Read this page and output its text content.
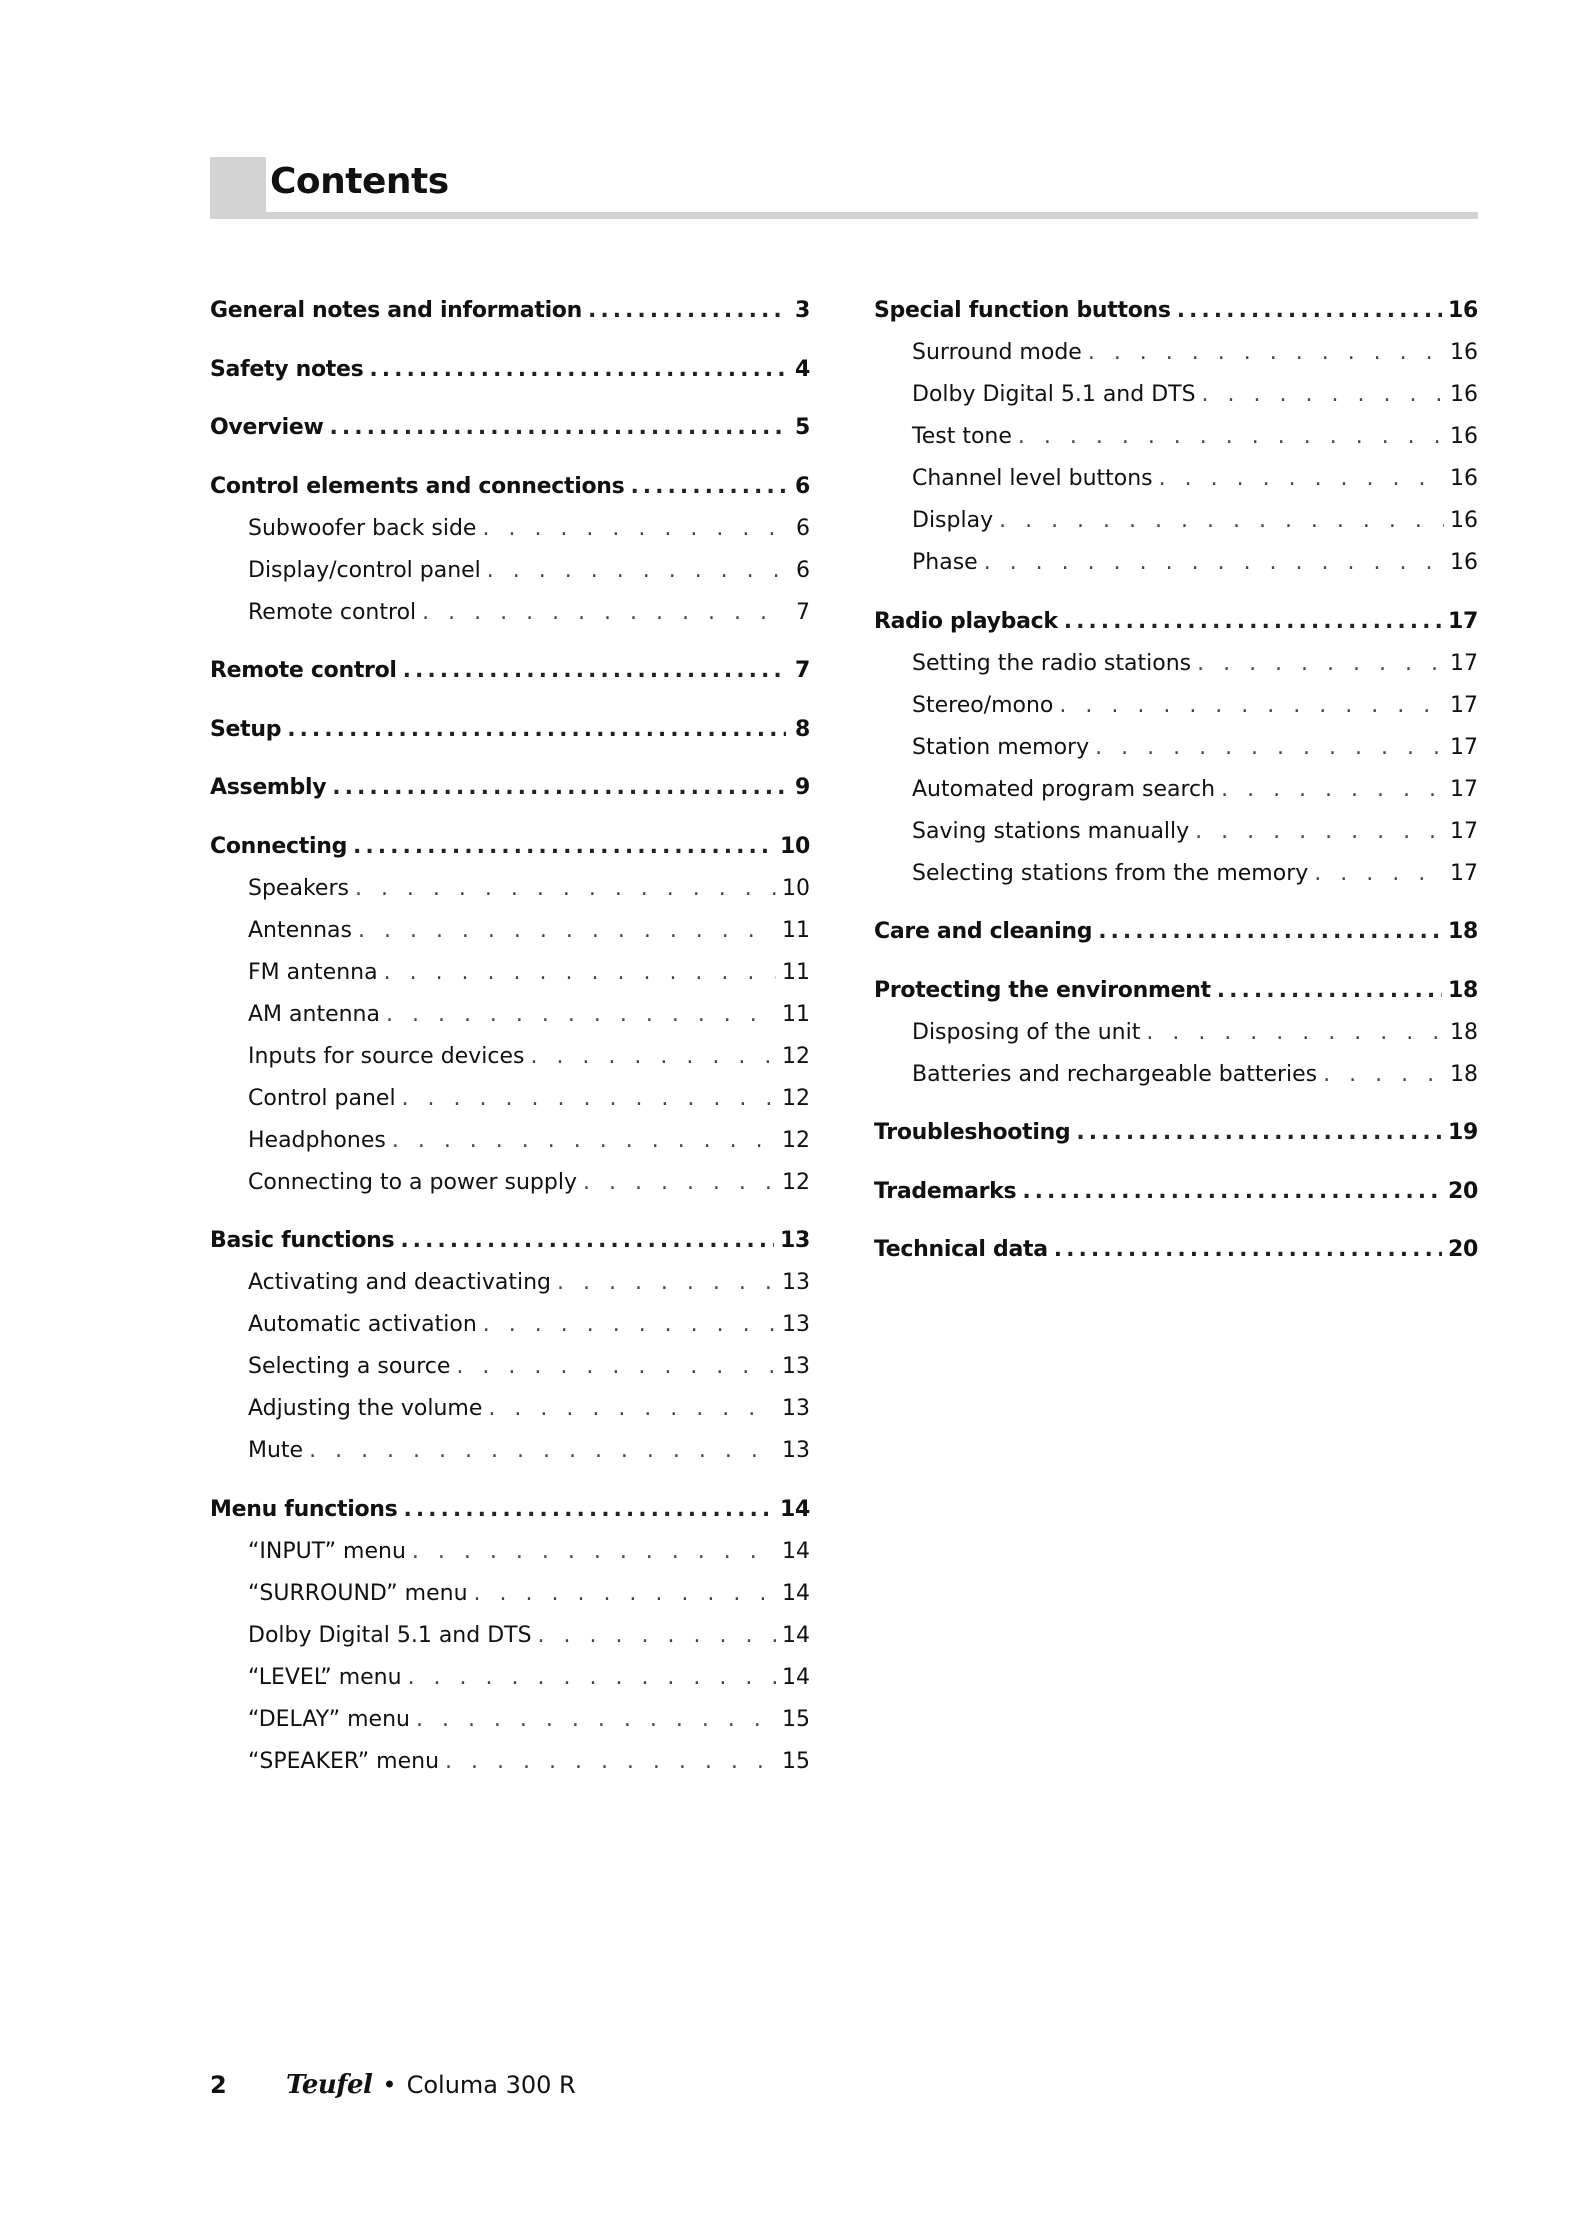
Contents
General notes and information .....	3
Safety notes .....	4
Overview .....	5
Control elements and connections .....	6
Subwoofer back side . . .	6
Display/control panel . . .	6
Remote control . . .	7
Remote control .....	7
Setup .....	8
Assembly .....	9
Connecting .....	10
Speakers . . .	10
Antennas . . .	11
FM antenna . . .	11
AM antenna . . .	11
Inputs for source devices . . .	12
Control panel . . .	12
Headphones . . .	12
Connecting to a power supply . . .	12
Basic functions .....	13
Activating and deactivating . . .	13
Automatic activation . . .	13
Selecting a source . . .	13
Adjusting the volume . . .	13
Mute . . .	13
Menu functions .....	14
“INPUT” menu . . .	14
“SURROUND” menu . . .	14
Dolby Digital 5.1 and DTS . . .	14
“LEVEL” menu . . .	14
“DELAY” menu . . .	15
“SPEAKER” menu . . .	15
Special function buttons .....	16
Surround mode . . .	16
Dolby Digital 5.1 and DTS . . .	16
Test tone . . .	16
Channel level buttons . . .	16
Display . . .	16
Phase . . .	16
Radio playback .....	17
Setting the radio stations . . .	17
Stereo/mono . . .	17
Station memory . . .	17
Automated program search . . .	17
Saving stations manually . . .	17
Selecting stations from the memory . . .	17
Care and cleaning .....	18
Protecting the environment .....	18
Disposing of the unit . . .	18
Batteries and rechargeable batteries . . .	18
Troubleshooting .....	19
Trademarks .....	20
Technical data .....	20
2	Teufel • Columa 300 R
